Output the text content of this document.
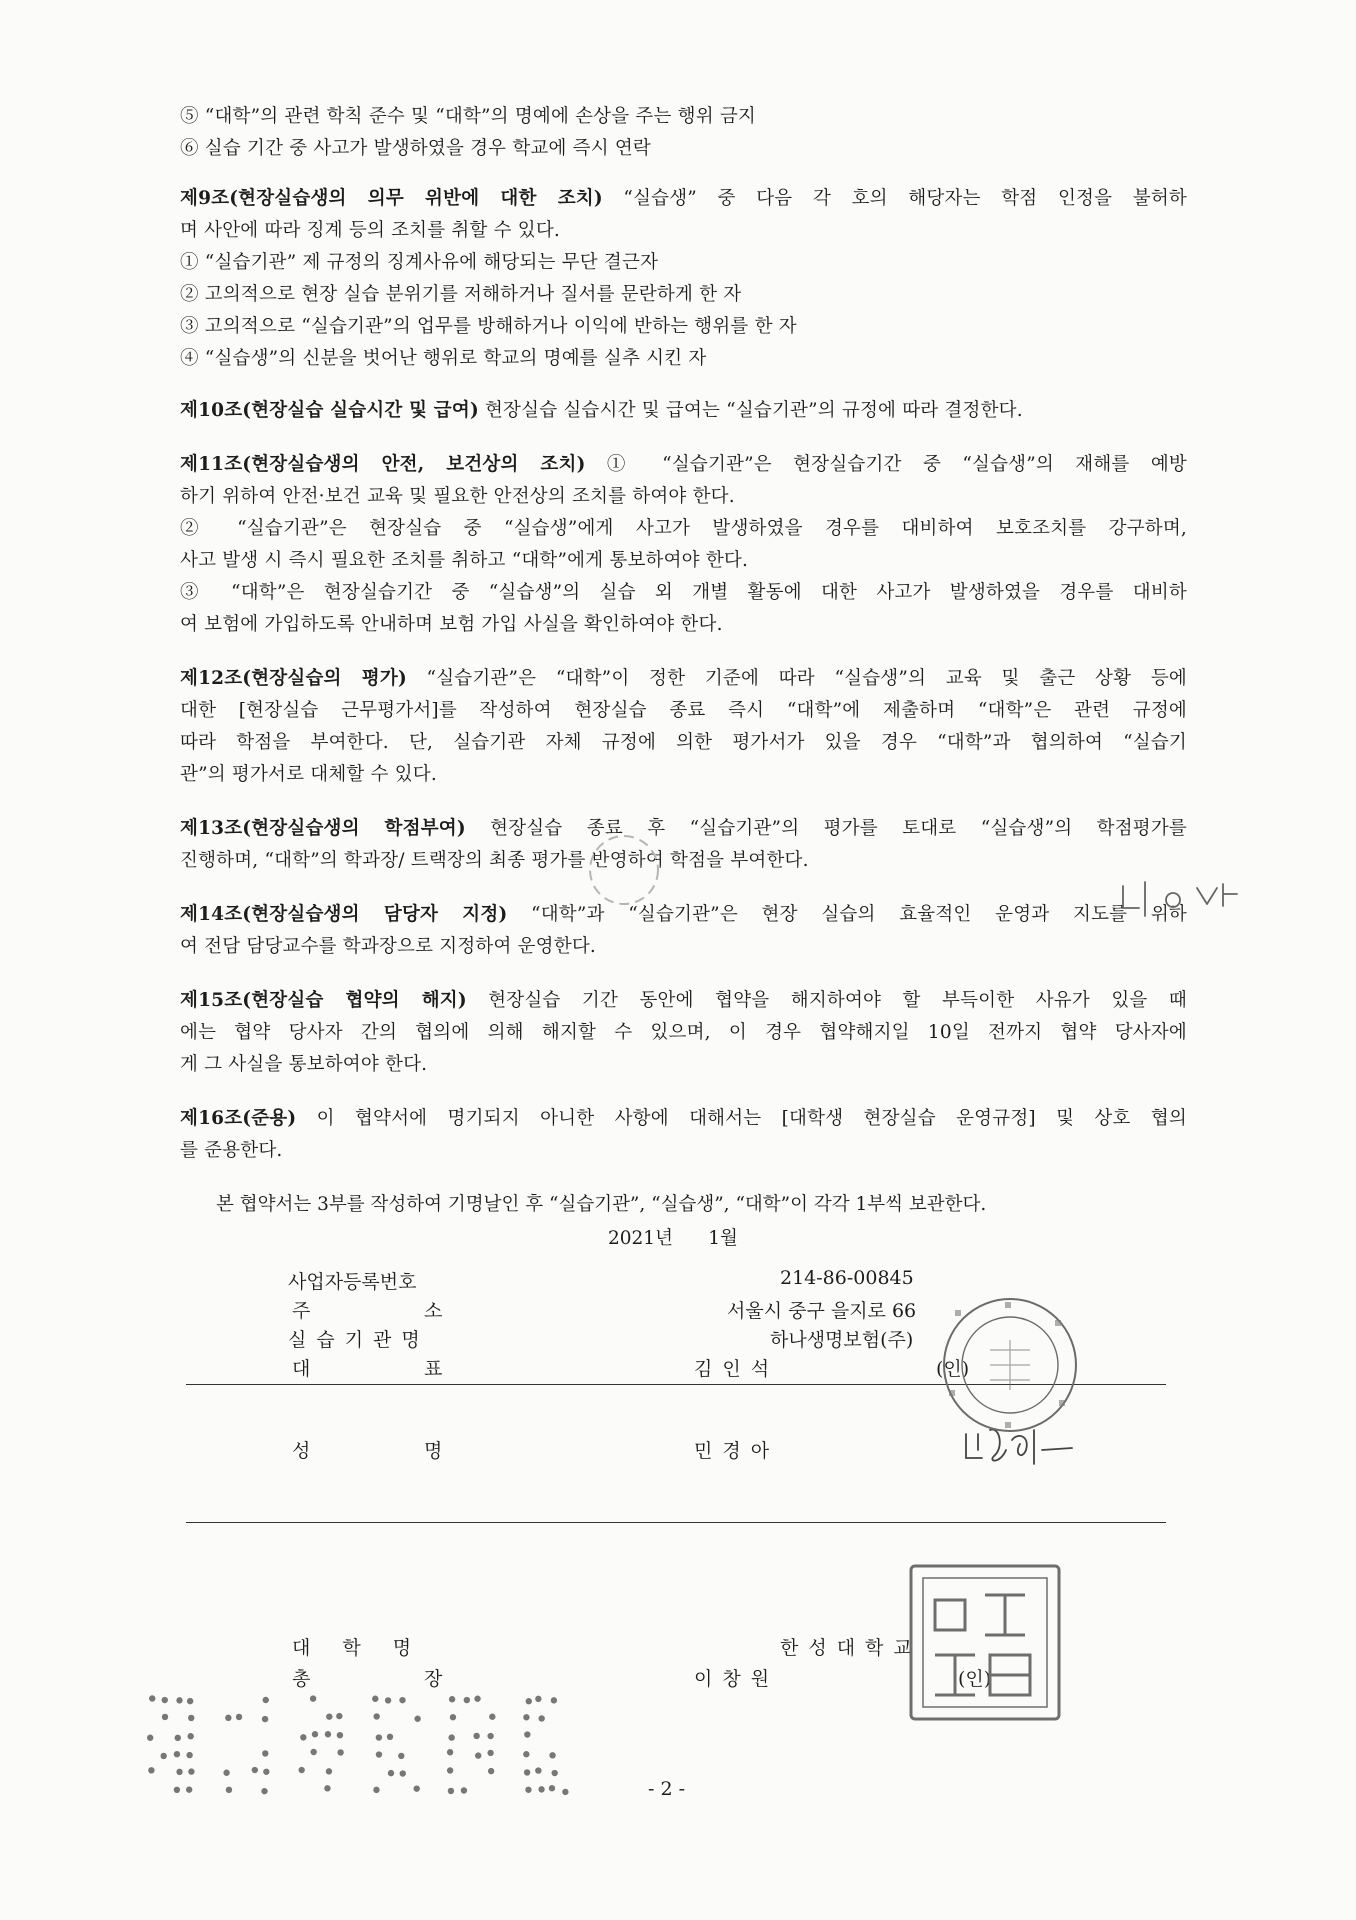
⑤ “대학”의 관련 학칙 준수 및 “대학”의 명예에 손상을 주는 행위 금지
⑥ 실습 기간 중 사고가 발생하였을 경우 학교에 즉시 연락
제9조(현장실습생의 의무 위반에 대한 조치) “실습생” 중 다음 각 호의 해당자는 학점 인정을 불허하
며 사안에 따라 징계 등의 조치를 취할 수 있다.
① “실습기관” 제 규정의 징계사유에 해당되는 무단 결근자
② 고의적으로 현장 실습 분위기를 저해하거나 질서를 문란하게 한 자
③ 고의적으로 “실습기관”의 업무를 방해하거나 이익에 반하는 행위를 한 자
④ “실습생”의 신분을 벗어난 행위로 학교의 명예를 실추 시킨 자
제10조(현장실습 실습시간 및 급여) 현장실습 실습시간 및 급여는 “실습기관”의 규정에 따라 결정한다.
제11조(현장실습생의 안전, 보건상의 조치) ① “실습기관”은 현장실습기간 중 “실습생”의 재해를 예방
하기 위하여 안전·보건 교육 및 필요한 안전상의 조치를 하여야 한다.
② “실습기관”은 현장실습 중 “실습생”에게 사고가 발생하였을 경우를 대비하여 보호조치를 강구하며,
사고 발생 시 즉시 필요한 조치를 취하고 “대학”에게 통보하여야 한다.
③ “대학”은 현장실습기간 중 “실습생”의 실습 외 개별 활동에 대한 사고가 발생하였을 경우를 대비하
여 보험에 가입하도록 안내하며 보험 가입 사실을 확인하여야 한다.
제12조(현장실습의 평가) “실습기관”은 “대학”이 정한 기준에 따라 “실습생”의 교육 및 출근 상황 등에
대한 [현장실습 근무평가서]를 작성하여 현장실습 종료 즉시 “대학”에 제출하며 “대학”은 관련 규정에
따라 학점을 부여한다. 단, 실습기관 자체 규정에 의한 평가서가 있을 경우 “대학”과 협의하여 “실습기
관”의 평가서로 대체할 수 있다.
제13조(현장실습생의 학점부여) 현장실습 종료 후 “실습기관”의 평가를 토대로 “실습생”의 학점평가를
진행하며, “대학”의 학과장/ 트랙장의 최종 평가를 반영하여 학점을 부여한다.
제14조(현장실습생의 담당자 지정) “대학”과 “실습기관”은 현장 실습의 효율적인 운영과 지도를 위하
여 전담 담당교수를 학과장으로 지정하여 운영한다.
제15조(현장실습 협약의 해지) 현장실습 기간 동안에 협약을 해지하여야 할 부득이한 사유가 있을 때
에는 협약 당사자 간의 협의에 의해 해지할 수 있으며, 이 경우 협약해지일 10일 전까지 협약 당사자에
게 그 사실을 통보하여야 한다.
제16조(준용) 이 협약서에 명기되지 아니한 사항에 대해서는 [대학생 현장실습 운영규정] 및 상호 협의
를 준용한다.
본 협약서는 3부를 작성하여 기명날인 후 “실습기관”, “실습생”, “대학”이 각각 1부씩 보관한다.
2021년      1월
사업자등록번호	214-86-00845
주	소	서울시 중구 을지로 66
실습기관명	하나생명보험(주)
대	표	김인석	(인)
성	명	민경아
대학명	한성대학교
총	장	이창원	(인)
- 2 -
